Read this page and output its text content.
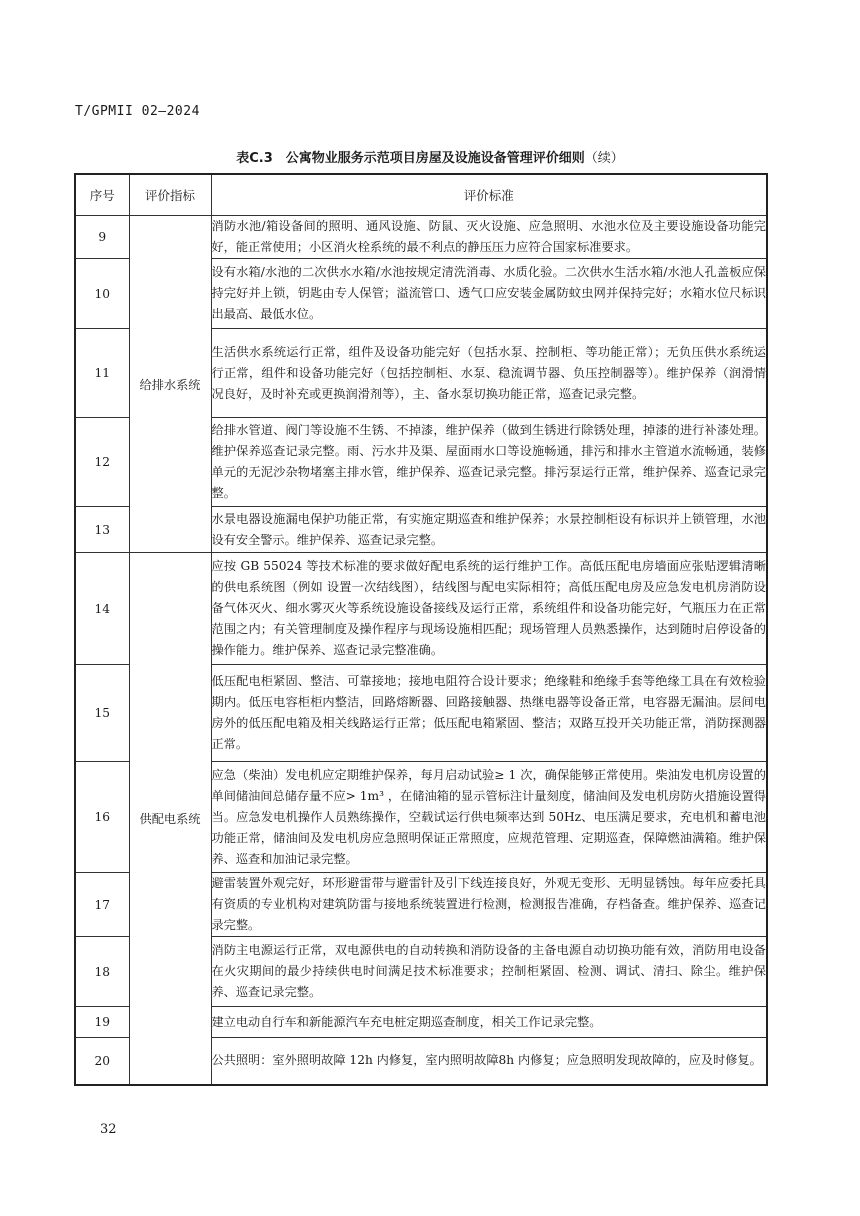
T/GPMII 02—2024
表C.3　公寓物业服务示范项目房屋及设施设备管理评价细则（续）
序号	评价指标	评价标准
9	给排水系统	消防水池/箱设备间的照明、通风设施、防鼠、灭火设施、应急照明、水池水位及主要设施设备功能完好，能正常使用；小区消火栓系统的最不利点的静压压力应符合国家标准要求。
10		设有水箱/水池的二次供水水箱/水池按规定清洗消毒、水质化验。二次供水生活水箱/水池人孔盖板应保持完好并上锁，钥匙由专人保管；溢流管口、透气口应安装金属防蚊虫网并保持完好；水箱水位尺标识出最高、最低水位。
11		生活供水系统运行正常，组件及设备功能完好（包括水泵、控制柜、等功能正常）；无负压供水系统运行正常，组件和设备功能完好（包括控制柜、水泵、稳流调节器、负压控制器等）。维护保养（润滑情况良好，及时补充或更换润滑剂等），主、备水泵切换功能正常，巡查记录完整。
12		给排水管道、阀门等设施不生锈、不掉漆，维护保养（做到生锈进行除锈处理，掉漆的进行补漆处理。维护保养巡查记录完整。雨、污水井及渠、屋面雨水口等设施畅通，排污和排水主管道水流畅通，装修单元的无泥沙杂物堵塞主排水管，维护保养、巡查记录完整。排污泵运行正常，维护保养、巡查记录完整。
13		水景电器设施漏电保护功能正常，有实施定期巡查和维护保养；水景控制柜设有标识并上锁管理，水池设有安全警示。维护保养、巡查记录完整。
14	供配电系统	应按 GB 55024 等技术标准的要求做好配电系统的运行维护工作。高低压配电房墙面应张贴逻辑清晰的供电系统图（例如 设置一次结线图），结线图与配电实际相符；高低压配电房及应急发电机房消防设备气体灭火、细水雾灭火等系统设施设备接线及运行正常，系统组件和设备功能完好，气瓶压力在正常范围之内；有关管理制度及操作程序与现场设施相匹配；现场管理人员熟悉操作，达到随时启停设备的操作能力。维护保养、巡查记录完整准确。
15		低压配电柜紧固、整洁、可靠接地；接地电阻符合设计要求；绝缘鞋和绝缘手套等绝缘工具在有效检验期内。低压电容柜柜内整洁，回路熔断器、回路接触器、热继电器等设备正常，电容器无漏油。层间电房外的低压配电箱及相关线路运行正常；低压配电箱紧固、整洁；双路互投开关功能正常，消防探测器正常。
16		应急（柴油）发电机应定期维护保养，每月启动试验≥ 1 次，确保能够正常使用。柴油发电机房设置的单间储油间总储存量不应> 1m³ ，在储油箱的显示管标注计量刻度，储油间及发电机房防火措施设置得当。应急发电机操作人员熟练操作，空载试运行供电频率达到 50Hz、电压满足要求，充电机和蓄电池功能正常，储油间及发电机房应急照明保证正常照度，应规范管理、定期巡查，保障燃油满箱。维护保养、巡查和加油记录完整。
17		避雷装置外观完好，环形避雷带与避雷针及引下线连接良好，外观无变形、无明显锈蚀。每年应委托具有资质的专业机构对建筑防雷与接地系统装置进行检测，检测报告准确，存档备查。维护保养、巡查记录完整。
18		消防主电源运行正常，双电源供电的自动转换和消防设备的主备电源自动切换功能有效，消防用电设备在火灾期间的最少持续供电时间满足技术标准要求；控制柜紧固、检测、调试、清扫、除尘。维护保养、巡查记录完整。
19		建立电动自行车和新能源汽车充电桩定期巡查制度，相关工作记录完整。
20		公共照明：室外照明故障 12h 内修复，室内照明故障8h 内修复；应急照明发现故障的，应及时修复。
32
